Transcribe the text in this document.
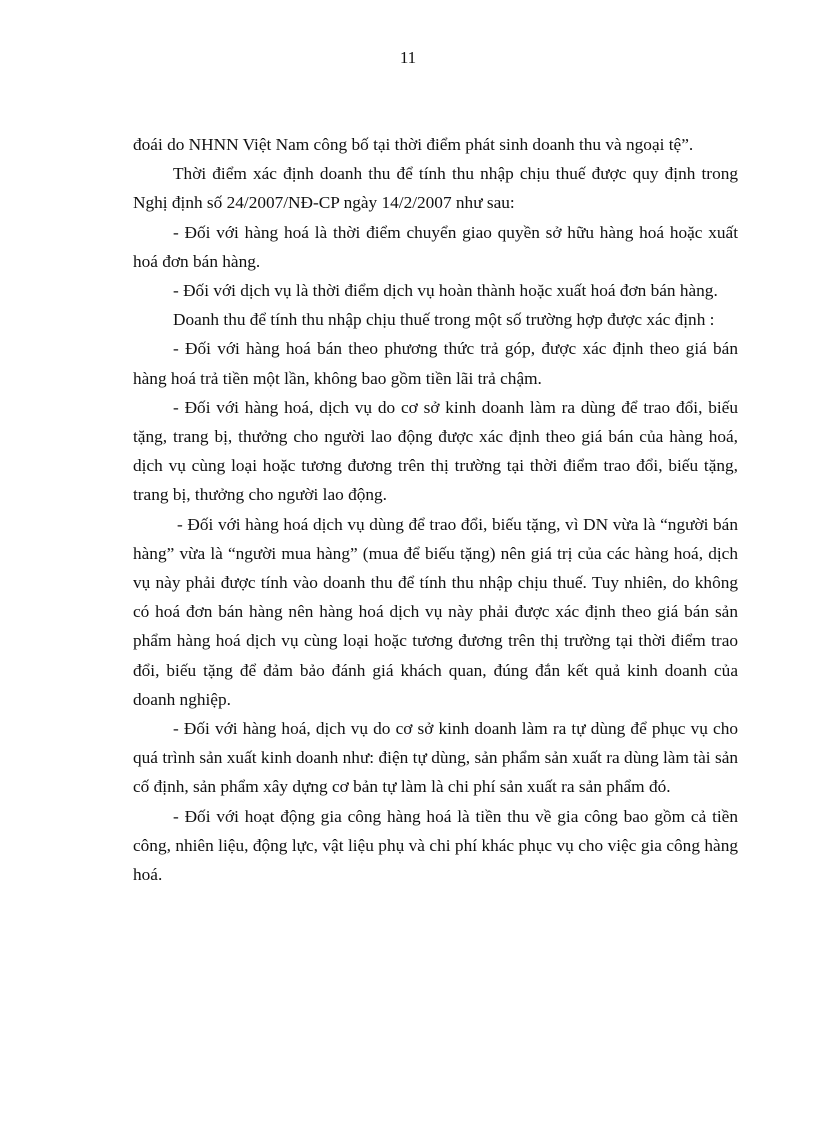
11

đoái do NHNN Việt Nam công bố tại thời điểm phát sinh doanh thu và ngoại tệ”.

Thời điểm xác định doanh thu để tính thu nhập chịu thuế được quy định trong Nghị định số 24/2007/NĐ-CP ngày 14/2/2007 như sau:

- Đối với hàng hoá là thời điểm chuyển giao quyền sở hữu hàng hoá hoặc xuất hoá đơn bán hàng.

- Đối với dịch vụ là thời điểm dịch vụ hoàn thành hoặc xuất hoá đơn bán hàng.

Doanh thu để tính thu nhập chịu thuế trong một số trường hợp được xác định :

- Đối với hàng hoá bán theo phương thức trả góp, được xác định theo giá bán hàng hoá trả tiền một lần, không bao gồm tiền lãi trả chậm.

- Đối với hàng hoá, dịch vụ do cơ sở kinh doanh làm ra dùng để trao đổi, biếu tặng, trang bị, thưởng cho người lao động được xác định theo giá bán của hàng hoá, dịch vụ cùng loại hoặc tương đương trên thị trường tại thời điểm trao đổi, biếu tặng, trang bị, thưởng cho người lao động.

- Đối với hàng hoá dịch vụ dùng để trao đổi, biếu tặng, vì DN vừa là “người bán hàng” vừa là “người mua hàng” (mua để biếu tặng) nên giá trị của các hàng hoá, dịch vụ này phải được tính vào doanh thu để tính thu nhập chịu thuế. Tuy nhiên, do không có hoá đơn bán hàng nên hàng hoá dịch vụ này phải được xác định theo giá bán sản phẩm hàng hoá dịch vụ cùng loại hoặc tương đương trên thị trường tại thời điểm trao đổi, biếu tặng để đảm bảo đánh giá khách quan, đúng đắn kết quả kinh doanh của doanh nghiệp.

- Đối với hàng hoá, dịch vụ do cơ sở kinh doanh làm ra tự dùng để phục vụ cho quá trình sản xuất kinh doanh như: điện tự dùng, sản phẩm sản xuất ra dùng làm tài sản cố định, sản phẩm xây dựng cơ bản tự làm là chi phí sản xuất ra sản phẩm đó.

- Đối với hoạt động gia công hàng hoá là tiền thu về gia công bao gồm cả tiền công, nhiên liệu, động lực, vật liệu phụ và chi phí khác phục vụ cho việc gia công hàng hoá.
